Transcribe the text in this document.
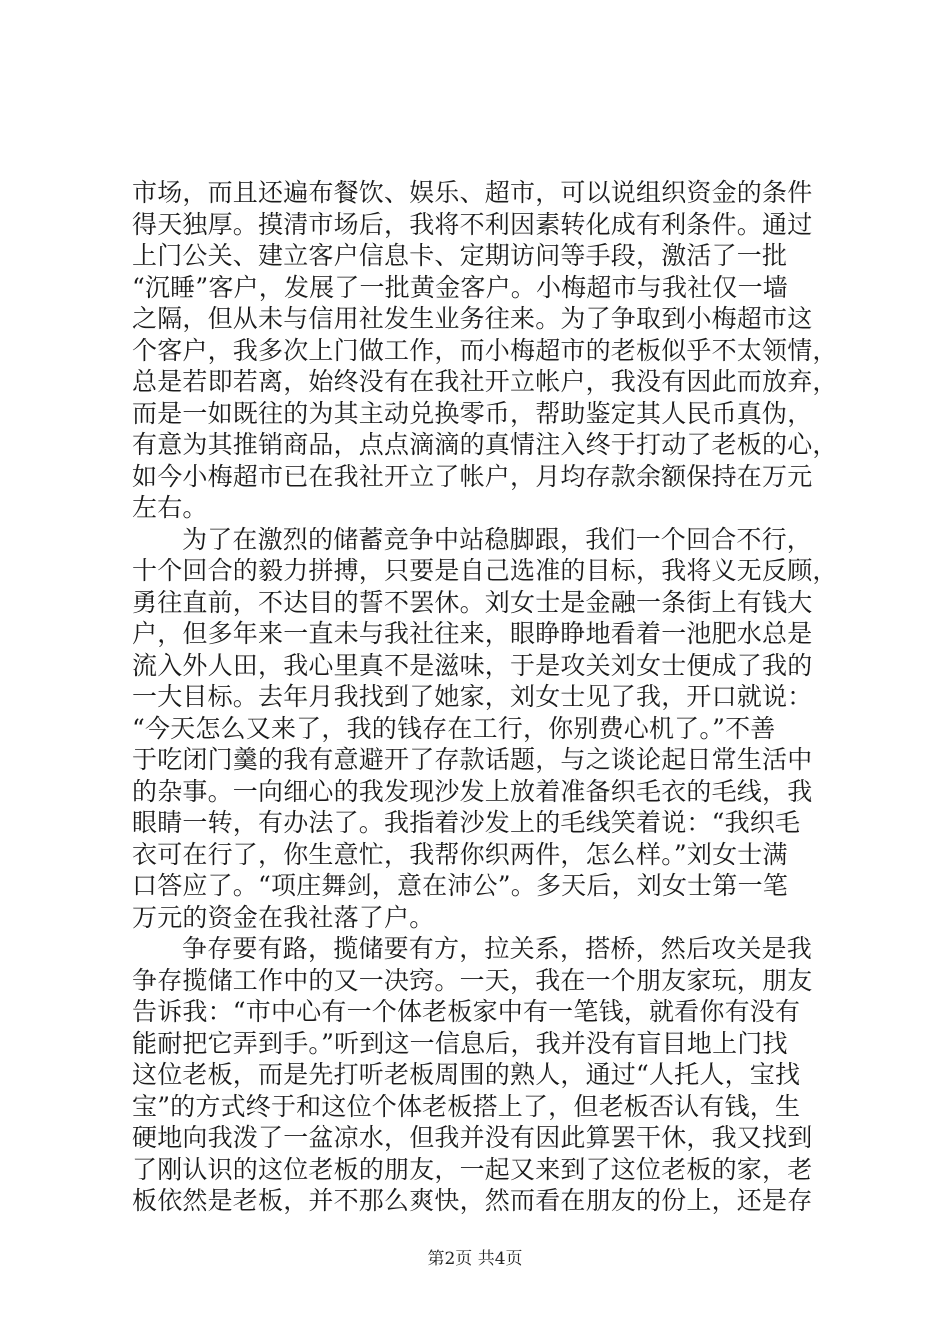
市场，而且还遍布餐饮、娱乐、超市，可以说组织资金的条件
得天独厚。摸清市场后，我将不利因素转化成有利条件。通过
上门公关、建立客户信息卡、定期访问等手段，激活了一批
“沉睡”客户，发展了一批黄金客户。小梅超市与我社仅一墙
之隔，但从未与信用社发生业务往来。为了争取到小梅超市这
个客户，我多次上门做工作，而小梅超市的老板似乎不太领情，
总是若即若离，始终没有在我社开立帐户，我没有因此而放弃，
而是一如既往的为其主动兑换零币，帮助鉴定其人民币真伪，
有意为其推销商品，点点滴滴的真情注入终于打动了老板的心，
如今小梅超市已在我社开立了帐户，月均存款余额保持在万元
左右。
为了在激烈的储蓄竞争中站稳脚跟，我们一个回合不行，
十个回合的毅力拼搏，只要是自己选准的目标，我将义无反顾，
勇往直前，不达目的誓不罢休。刘女士是金融一条街上有钱大
户，但多年来一直未与我社往来，眼睁睁地看着一池肥水总是
流入外人田，我心里真不是滋味，于是攻关刘女士便成了我的
一大目标。去年月我找到了她家，刘女士见了我，开口就说：
“今天怎么又来了，我的钱存在工行，你别费心机了。”不善
于吃闭门羹的我有意避开了存款话题，与之谈论起日常生活中
的杂事。一向细心的我发现沙发上放着准备织毛衣的毛线，我
眼睛一转，有办法了。我指着沙发上的毛线笑着说：“我织毛
衣可在行了，你生意忙，我帮你织两件，怎么样。”刘女士满
口答应了。“项庄舞剑，意在沛公”。多天后，刘女士第一笔
万元的资金在我社落了户。
争存要有路，揽储要有方，拉关系，搭桥，然后攻关是我
争存揽储工作中的又一决窍。一天，我在一个朋友家玩，朋友
告诉我：“市中心有一个体老板家中有一笔钱，就看你有没有
能耐把它弄到手。”听到这一信息后，我并没有盲目地上门找
这位老板，而是先打听老板周围的熟人，通过“人托人，宝找
宝”的方式终于和这位个体老板搭上了，但老板否认有钱，生
硬地向我泼了一盆凉水，但我并没有因此算罢干休，我又找到
了刚认识的这位老板的朋友，一起又来到了这位老板的家，老
板依然是老板，并不那么爽快，然而看在朋友的份上，还是存
第2页 共4页
